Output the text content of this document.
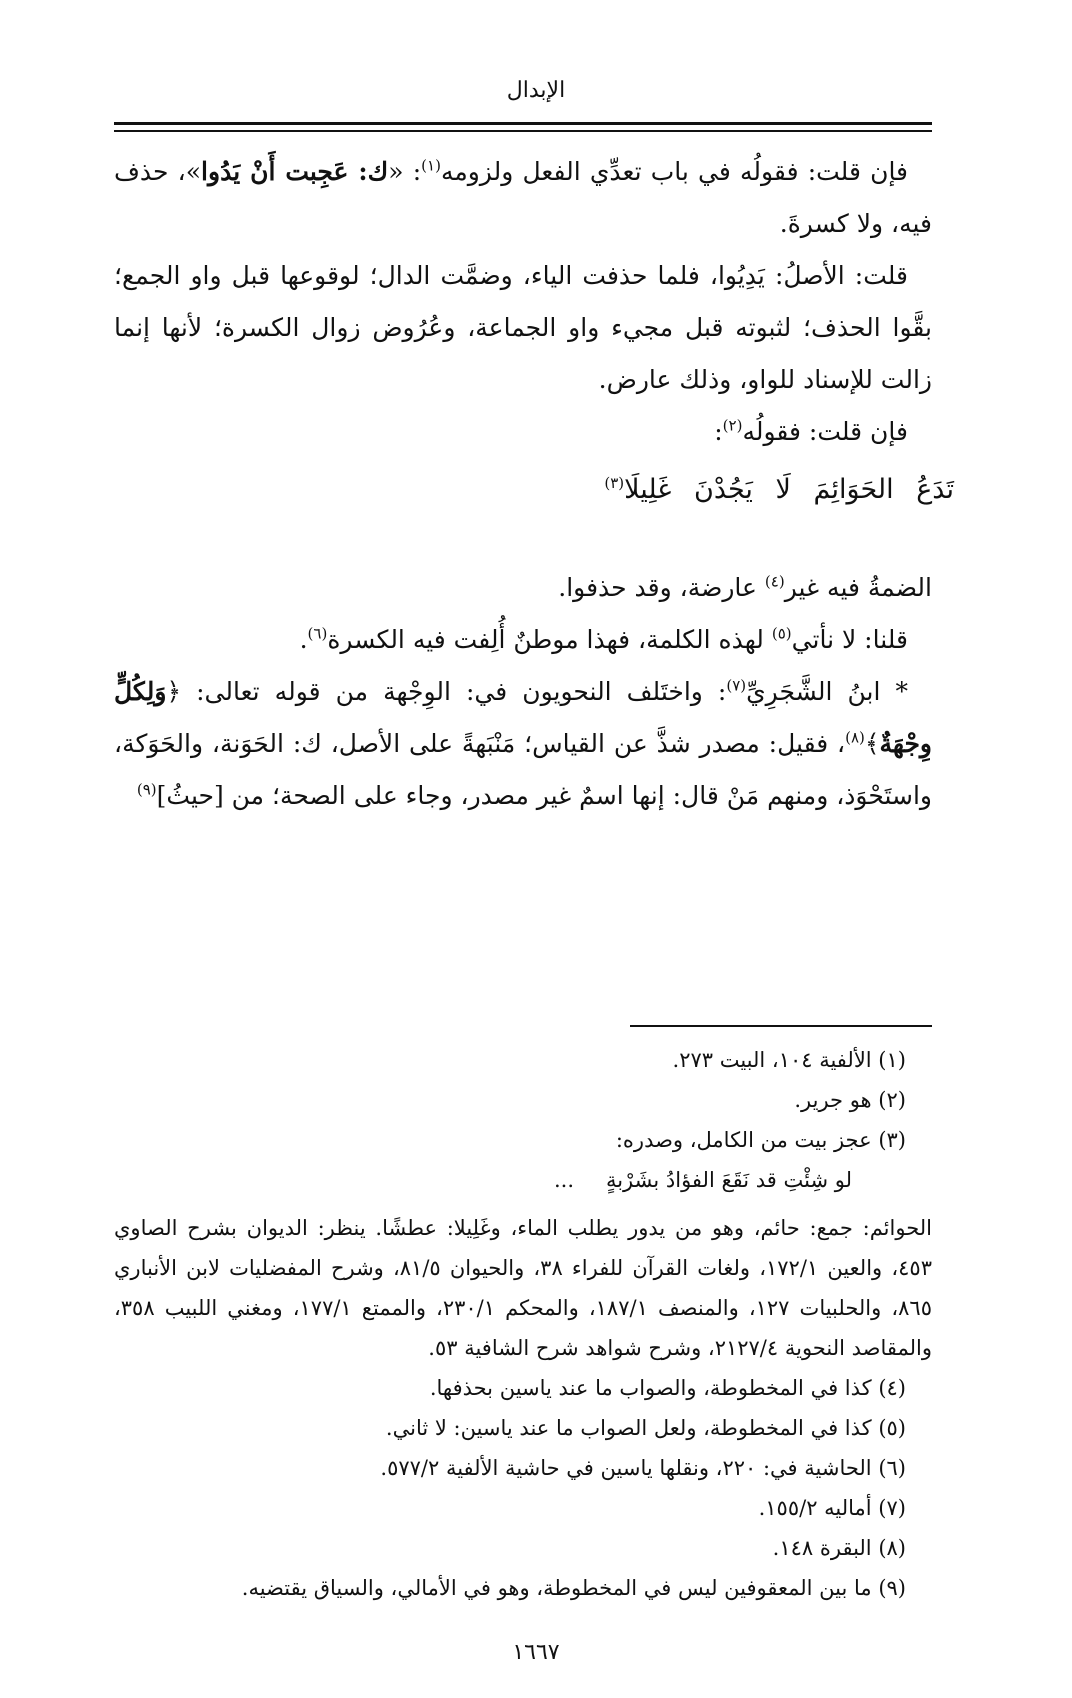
الإبدال

فإن قلت: فقولُه في باب تعدِّي الفعل ولزومه$^{(١)}$: «ك: عَجِبت أَنْ يَدُوا»، حذف فيه، ولا كسرةَ.

قلت: الأصلُ: يَدِيُوا، فلما حذفت الياء، وضمَّت الدال؛ لوقوعها قبل واو الجمع؛ بقَّوا الحذف؛ لثبوته قبل مجيء واو الجماعة، وعُرُوض زوال الكسرة؛ لأنها إنما زالت للإسناد للواو، وذلك عارض.

فإن قلت: فقولُه$^{(٢)}$:

الضمةُ فيه غير$^{(٤)}$ عارضة، وقد حذفوا.

قلنا: لا نأتي$^{(٥)}$ لهذه الكلمة، فهذا موطنٌ أُلِفت فيه الكسرة$^{(٦)}$.

* ابنُ الشَّجَرِيِّ$^{(٧)}$: واختَلف النحويون في: الوِجْهة من قوله تعالى: ﴿وَلِكُلٍّ وِجْهَةٌ﴾$^{(٨)}$، فقيل: مصدر شذَّ عن القياس؛ مَنْبَهةً على الأصل، ك: الحَوَنة، والحَوَكة، واستَحْوَذ، ومنهم مَنْ قال: إنها اسمٌ غير مصدر، وجاء على الصحة؛ من [حيثُ]$^{(٩)}$

تَدَعُ الحَوَائِمَ لَا يَجُدْنَ غَلِيلَا$^{(٣)}$

(١) الألفية ١٠٤، البيت ٢٧٣.

(٢) هو جرير.

(٣) عجز بيت من الكامل، وصدره:

لو شِئْتِ قد نَقَعَ الفؤادُ بشَرْبةٍ
...

الحوائم: جمع: حائم، وهو من يدور يطلب الماء، وغَلِيلا: عطشًا. ينظر: الديوان بشرح الصاوي ٤٥٣، والعين ١٧٢/١، ولغات القرآن للفراء ٣٨، والحيوان ٨١/٥، وشرح المفضليات لابن الأنباري ٨٦٥، والحلبيات ١٢٧، والمنصف ١٨٧/١، والمحكم ٢٣٠/١، والممتع ١٧٧/١، ومغني اللبيب ٣٥٨، والمقاصد النحوية ٢١٢٧/٤، وشرح شواهد شرح الشافية ٥٣.

(٤) كذا في المخطوطة، والصواب ما عند ياسين بحذفها.

(٥) كذا في المخطوطة، ولعل الصواب ما عند ياسين: لا ثاني.

(٦) الحاشية في: ٢٢٠، ونقلها ياسين في حاشية الألفية ٥٧٧/٢.

(٧) أماليه ١٥٥/٢.

(٨) البقرة ١٤٨.

(٩) ما بين المعقوفين ليس في المخطوطة، وهو في الأمالي، والسياق يقتضيه.

١٦٦٧
